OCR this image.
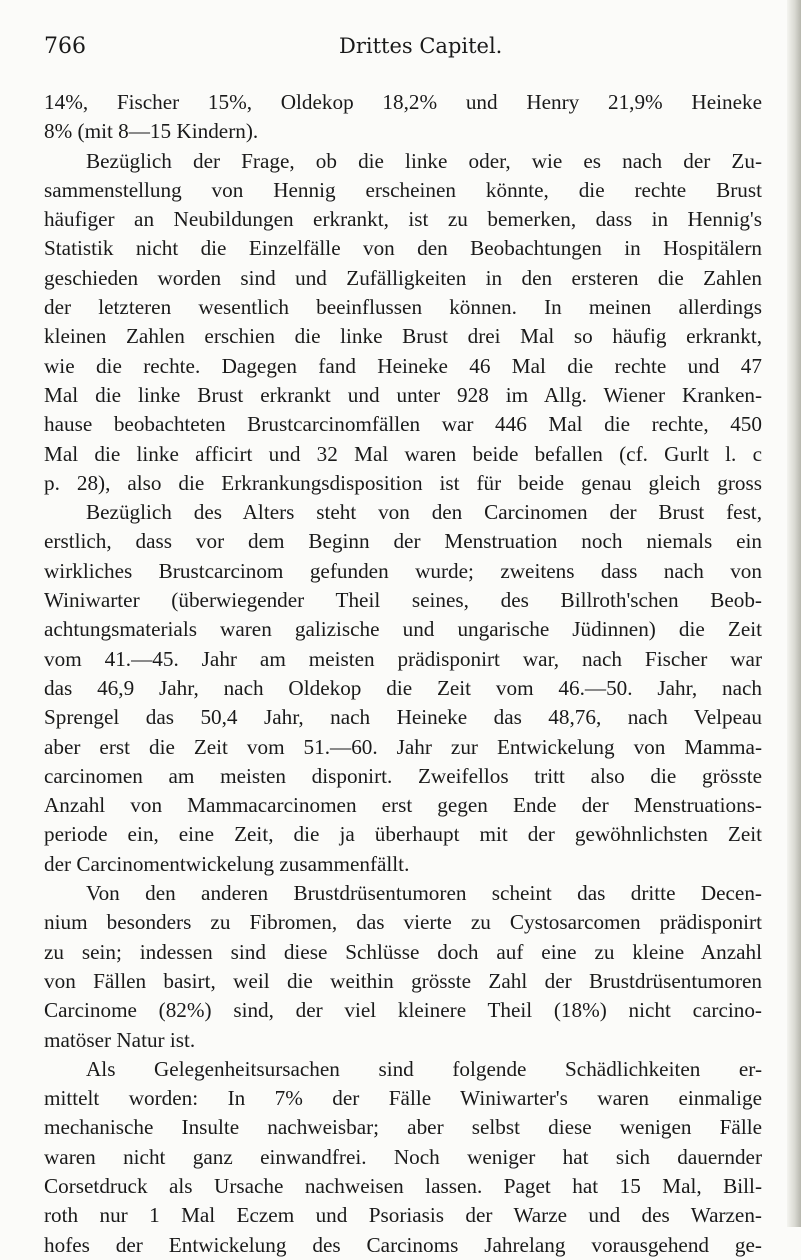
766	Drittes Capitel.
14%, Fischer 15%, Oldekop 18,2% und Henry 21,9% Heineke
8% (mit 8—15 Kindern).
Bezüglich der Frage, ob die linke oder, wie es nach der Zu-
sammenstellung von Hennig erscheinen könnte, die rechte Brust
häufiger an Neubildungen erkrankt, ist zu bemerken, dass in Hennig's
Statistik nicht die Einzelfälle von den Beobachtungen in Hospitälern
geschieden worden sind und Zufälligkeiten in den ersteren die Zahlen
der letzteren wesentlich beeinflussen können. In meinen allerdings
kleinen Zahlen erschien die linke Brust drei Mal so häufig erkrankt,
wie die rechte. Dagegen fand Heineke 46 Mal die rechte und 47
Mal die linke Brust erkrankt und unter 928 im Allg. Wiener Kranken-
hause beobachteten Brustcarcinomfällen war 446 Mal die rechte, 450
Mal die linke afficirt und 32 Mal waren beide befallen (cf. Gurlt l. c
p. 28), also die Erkrankungsdisposition ist für beide genau gleich gross
Bezüglich des Alters steht von den Carcinomen der Brust fest,
erstlich, dass vor dem Beginn der Menstruation noch niemals ein
wirkliches Brustcarcinom gefunden wurde; zweitens dass nach von
Winiwarter (überwiegender Theil seines, des Billroth'schen Beob-
achtungsmaterials waren galizische und ungarische Jüdinnen) die Zeit
vom 41.—45. Jahr am meisten prädisponirt war, nach Fischer war
das 46,9 Jahr, nach Oldekop die Zeit vom 46.—50. Jahr, nach
Sprengel das 50,4 Jahr, nach Heineke das 48,76, nach Velpeau
aber erst die Zeit vom 51.—60. Jahr zur Entwickelung von Mamma-
carcinomen am meisten disponirt. Zweifellos tritt also die grösste
Anzahl von Mammacarcinomen erst gegen Ende der Menstruations-
periode ein, eine Zeit, die ja überhaupt mit der gewöhnlichsten Zeit
der Carcinomentwickelung zusammenfällt.
Von den anderen Brustdrüsentumoren scheint das dritte Decen-
nium besonders zu Fibromen, das vierte zu Cystosarcomen prädisponirt
zu sein; indessen sind diese Schlüsse doch auf eine zu kleine Anzahl
von Fällen basirt, weil die weithin grösste Zahl der Brustdrüsentumoren
Carcinome (82%) sind, der viel kleinere Theil (18%) nicht carcino-
matöser Natur ist.
Als Gelegenheitsursachen sind folgende Schädlichkeiten er-
mittelt worden: In 7% der Fälle Winiwarter's waren einmalige
mechanische Insulte nachweisbar; aber selbst diese wenigen Fälle
waren nicht ganz einwandfrei. Noch weniger hat sich dauernder
Corsetdruck als Ursache nachweisen lassen. Paget hat 15 Mal, Bill-
roth nur 1 Mal Eczem und Psoriasis der Warze und des Warzen-
hofes der Entwickelung des Carcinoms Jahrelang vorausgehend ge-
